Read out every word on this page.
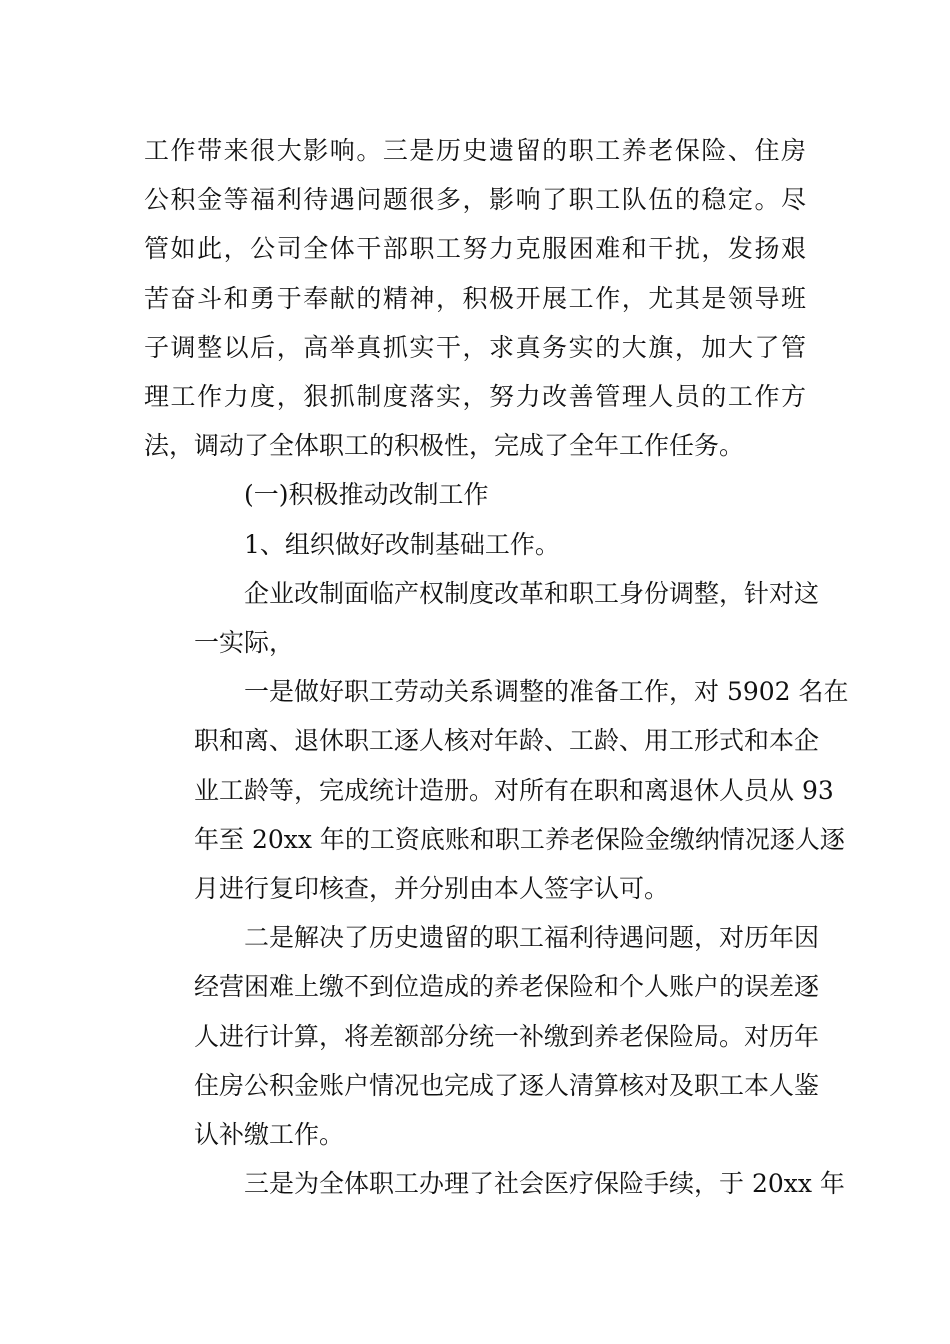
工作带来很大影响。三是历史遗留的职工养老保险、住房
公积金等福利待遇问题很多，影响了职工队伍的稳定。尽
管如此，公司全体干部职工努力克服困难和干扰，发扬艰
苦奋斗和勇于奉献的精神，积极开展工作，尤其是领导班
子调整以后，高举真抓实干，求真务实的大旗，加大了管
理工作力度，狠抓制度落实，努力改善管理人员的工作方
法，调动了全体职工的积极性，完成了全年工作任务。
(一)积极推动改制工作
1、组织做好改制基础工作。
企业改制面临产权制度改革和职工身份调整，针对这
一实际，
一是做好职工劳动关系调整的准备工作，对 5902 名在
职和离、退休职工逐人核对年龄、工龄、用工形式和本企
业工龄等，完成统计造册。对所有在职和离退休人员从 93
年至 20xx 年的工资底账和职工养老保险金缴纳情况逐人逐
月进行复印核查，并分别由本人签字认可。
二是解决了历史遗留的职工福利待遇问题，对历年因
经营困难上缴不到位造成的养老保险和个人账户的误差逐
人进行计算，将差额部分统一补缴到养老保险局。对历年
住房公积金账户情况也完成了逐人清算核对及职工本人鉴
认补缴工作。
三是为全体职工办理了社会医疗保险手续，于 20xx 年
